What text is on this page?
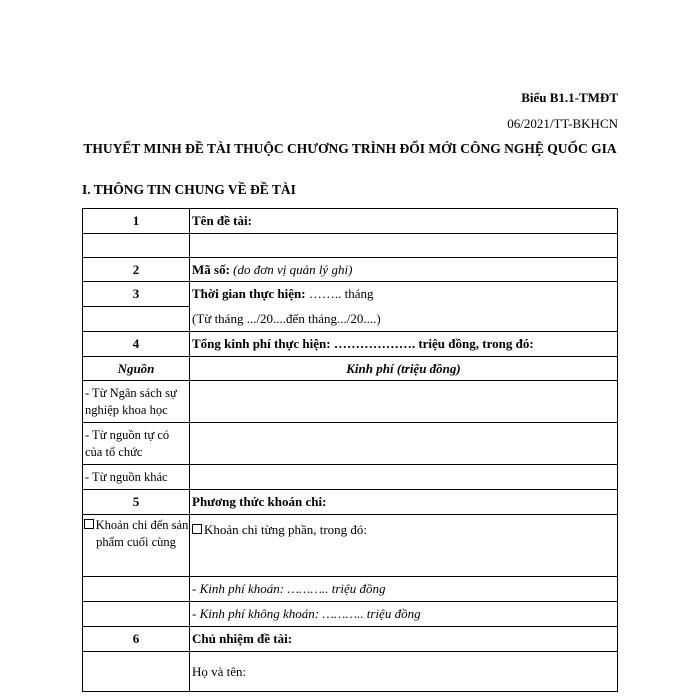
Biểu B1.1-TMĐT
06/2021/TT-BKHCN
THUYẾT MINH ĐỀ TÀI THUỘC CHƯƠNG TRÌNH ĐỔI MỚI CÔNG NGHỆ QUỐC GIA
I. THÔNG TIN CHUNG VỀ ĐỀ TÀI
1	Tên đề tài:

2	Mã số: (do đơn vị quản lý ghi)
3	Thời gian thực hiện: …….. tháng
	(Từ tháng .../20....đến tháng.../20....)
4	Tổng kinh phí thực hiện: ………………. triệu đồng, trong đó:
Nguồn	Kinh phí (triệu đồng)
- Từ Ngân sách sự nghiệp khoa học	
- Từ nguồn tự có của tổ chức	
- Từ nguồn khác	
5	Phương thức khoán chi:
Khoản chi đến sản phẩm cuối cùng	Khoản chi từng phần, trong đó:
	- Kinh phí khoán: ……….. triệu đồng
	- Kinh phí không khoán: ……….. triệu đồng
6	Chủ nhiệm đề tài:
	Họ và tên:
